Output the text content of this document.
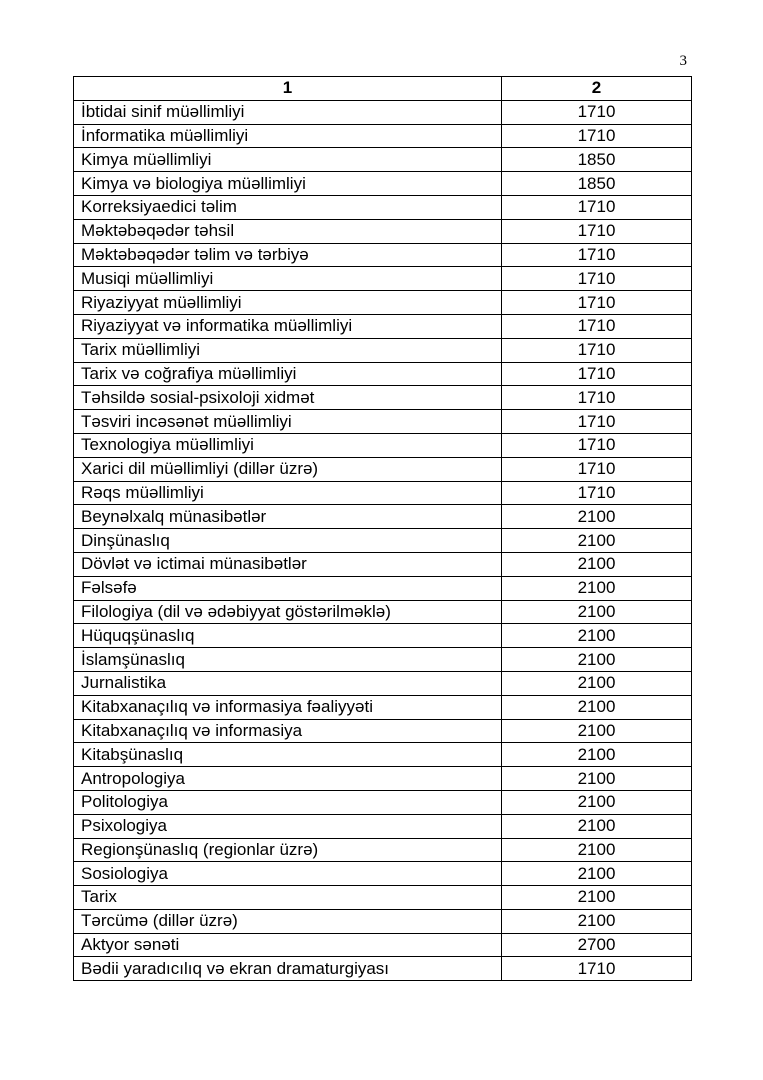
3
1	2
İbtidai sinif müəllimliyi	1710
İnformatika müəllimliyi	1710
Kimya müəllimliyi	1850
Kimya və biologiya müəllimliyi	1850
Korreksiyaedici təlim	1710
Məktəbəqədər təhsil	1710
Məktəbəqədər təlim və tərbiyə	1710
Musiqi müəllimliyi	1710
Riyaziyyat müəllimliyi	1710
Riyaziyyat və informatika müəllimliyi	1710
Tarix müəllimliyi	1710
Tarix və coğrafiya müəllimliyi	1710
Təhsildə sosial-psixoloji xidmət	1710
Təsviri incəsənət müəllimliyi	1710
Texnologiya müəllimliyi	1710
Xarici dil müəllimliyi (dillər üzrə)	1710
Rəqs müəllimliyi	1710
Beynəlxalq münasibətlər	2100
Dinşünaslıq	2100
Dövlət və ictimai münasibətlər	2100
Fəlsəfə	2100
Filologiya (dil və ədəbiyyat göstərilməklə)	2100
Hüquqşünaslıq	2100
İslamşünaslıq	2100
Jurnalistika	2100
Kitabxanaçılıq və informasiya fəaliyyəti	2100
Kitabxanaçılıq və informasiya	2100
Kitabşünaslıq	2100
Antropologiya	2100
Politologiya	2100
Psixologiya	2100
Regionşünaslıq (regionlar üzrə)	2100
Sosiologiya	2100
Tarix	2100
Tərcümə (dillər üzrə)	2100
Aktyor sənəti	2700
Bədii yaradıcılıq və ekran dramaturgiyası	1710
